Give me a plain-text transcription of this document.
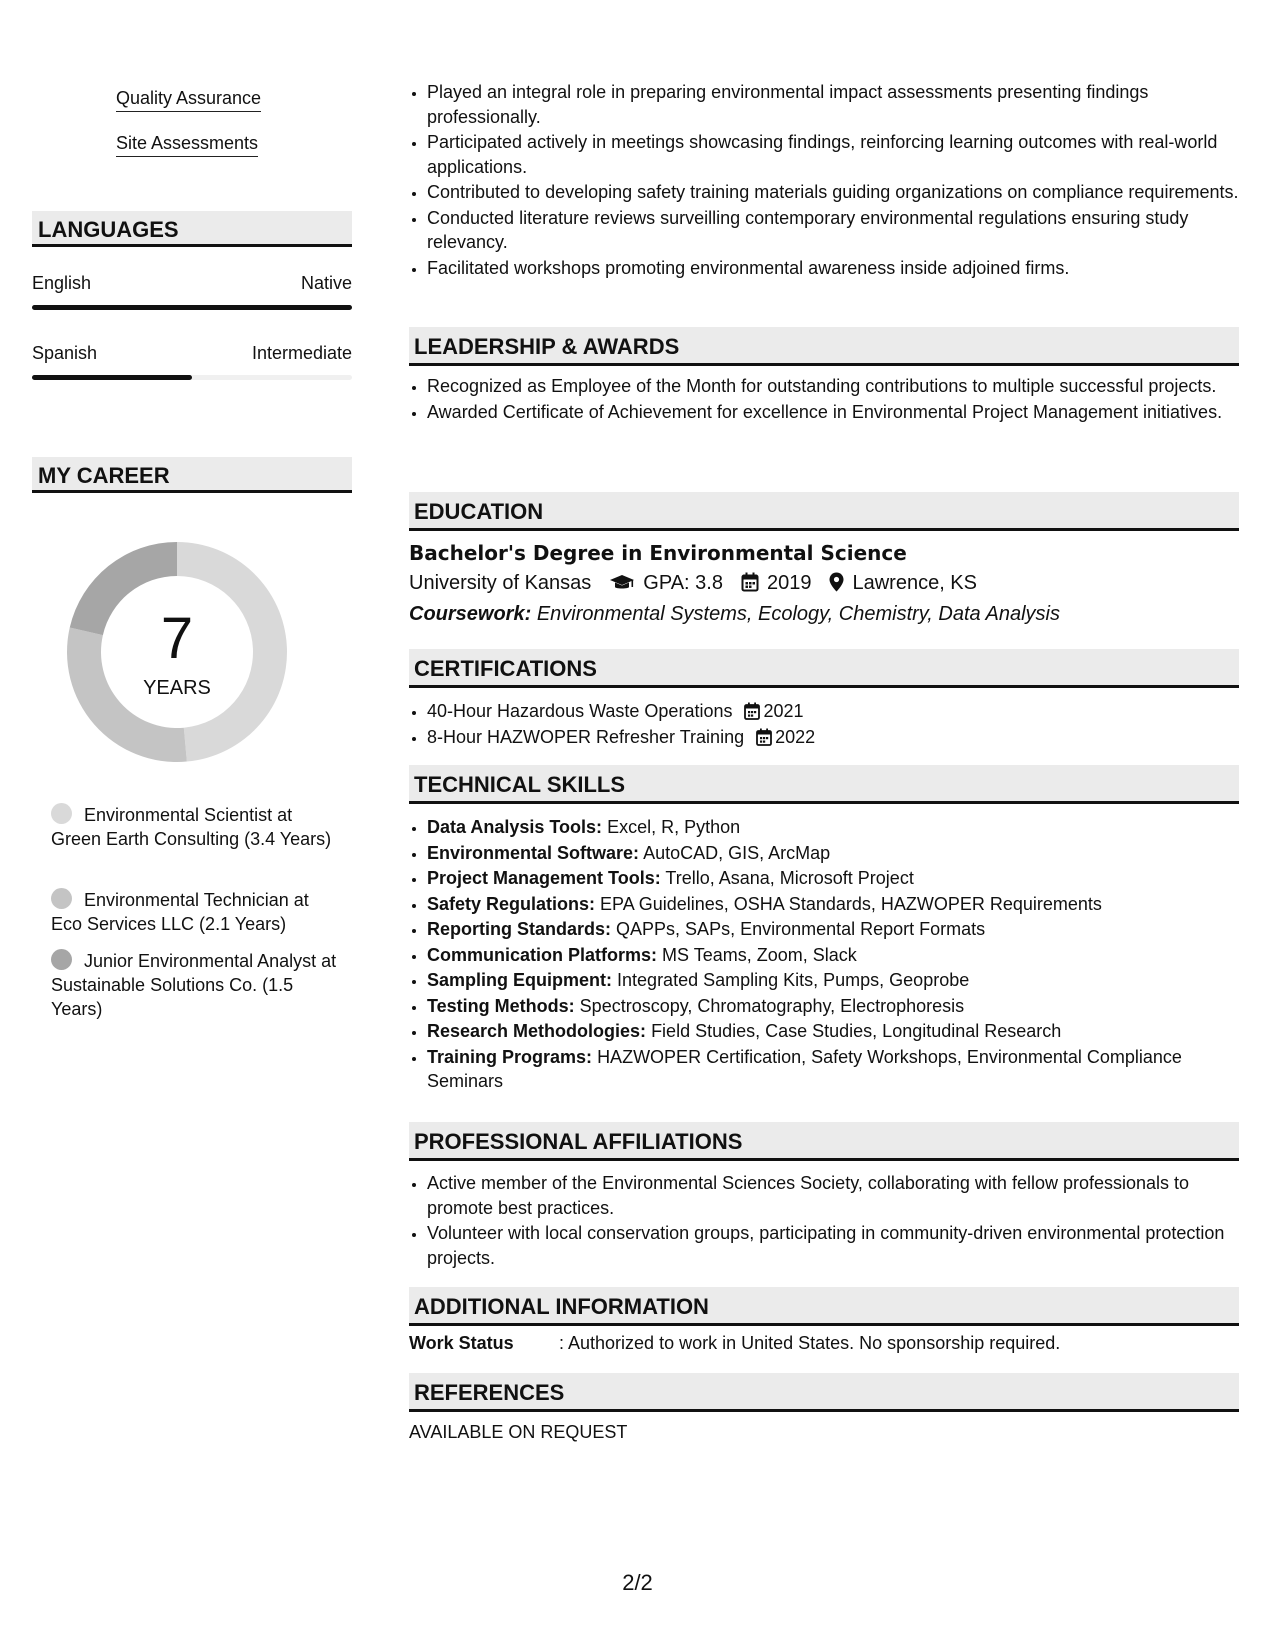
Quality Assurance
Site Assessments
LANGUAGES
English	Native
Spanish	Intermediate
MY CAREER
7
YEARS
Environmental Scientist at Green Earth Consulting (3.4 Years)
Environmental Technician at Eco Services LLC (2.1 Years)
Junior Environmental Analyst at Sustainable Solutions Co. (1.5 Years)
• Played an integral role in preparing environmental impact assessments presenting findings professionally.
• Participated actively in meetings showcasing findings, reinforcing learning outcomes with real-world applications.
• Contributed to developing safety training materials guiding organizations on compliance requirements.
• Conducted literature reviews surveilling contemporary environmental regulations ensuring study relevancy.
• Facilitated workshops promoting environmental awareness inside adjoined firms.
LEADERSHIP & AWARDS
• Recognized as Employee of the Month for outstanding contributions to multiple successful projects.
• Awarded Certificate of Achievement for excellence in Environmental Project Management initiatives.
EDUCATION
Bachelor's Degree in Environmental Science
University of Kansas	GPA: 3.8 2019 Lawrence, KS
Coursework: Environmental Systems, Ecology, Chemistry, Data Analysis
CERTIFICATIONS
• 40-Hour Hazardous Waste Operations 2021
• 8-Hour HAZWOPER Refresher Training 2022
TECHNICAL SKILLS
• Data Analysis Tools: Excel, R, Python
• Environmental Software: AutoCAD, GIS, ArcMap
• Project Management Tools: Trello, Asana, Microsoft Project
• Safety Regulations: EPA Guidelines, OSHA Standards, HAZWOPER Requirements
• Reporting Standards: QAPPs, SAPs, Environmental Report Formats
• Communication Platforms: MS Teams, Zoom, Slack
• Sampling Equipment: Integrated Sampling Kits, Pumps, Geoprobe
• Testing Methods: Spectroscopy, Chromatography, Electrophoresis
• Research Methodologies: Field Studies, Case Studies, Longitudinal Research
• Training Programs: HAZWOPER Certification, Safety Workshops, Environmental Compliance Seminars
PROFESSIONAL AFFILIATIONS
• Active member of the Environmental Sciences Society, collaborating with fellow professionals to promote best practices.
• Volunteer with local conservation groups, participating in community-driven environmental protection projects.
ADDITIONAL INFORMATION
Work Status	: Authorized to work in United States. No sponsorship required.
REFERENCES
AVAILABLE ON REQUEST
2/2
